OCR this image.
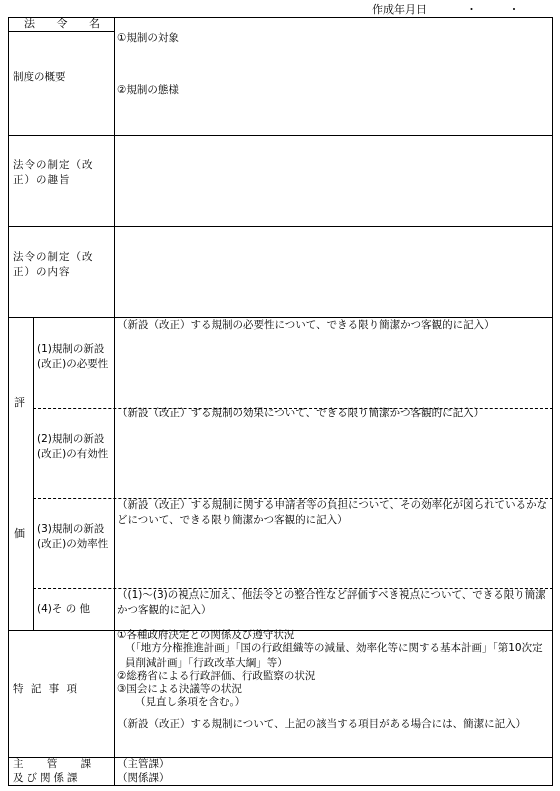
作成年月日	・ ・
法 令 名
制度の概要
①規制の対象
②規制の態様
法令の制定（改正）の趣旨
法令の制定（改正）の内容
評
価
(1)規制の新設(改正)の必要性
（新設（改正）する規制の必要性について、できる限り簡潔かつ客観的に記入）
(2)規制の新設(改正)の有効性
（新設（改正）する規制の効果について、できる限り簡潔かつ客観的に記入）
(3)規制の新設(改正)の効率性
（新設（改正）する規制に関する申請者等の負担について、その効率化が図られているかなどについて、できる限り簡潔かつ客観的に記入）
(4)そ の 他
（(1)～(3)の視点に加え、他法令との整合性など評価すべき視点について、できる限り簡潔かつ客観的に記入）
特 記 事 項
①各種政府決定との関係及び遵守状況
（「地方分権推進計画」「国の行政組織等の減量、効率化等に関する基本計画」「第10次定員削減計画」「行政改革大綱」等）
②総務省による行政評価、行政監察の状況
③国会による決議等の状況
（見直し条項を含む。）
（新設（改正）する規制について、上記の該当する項目がある場合には、簡潔に記入）
主 管 課
及び関係課
（主管課）
（関係課）
